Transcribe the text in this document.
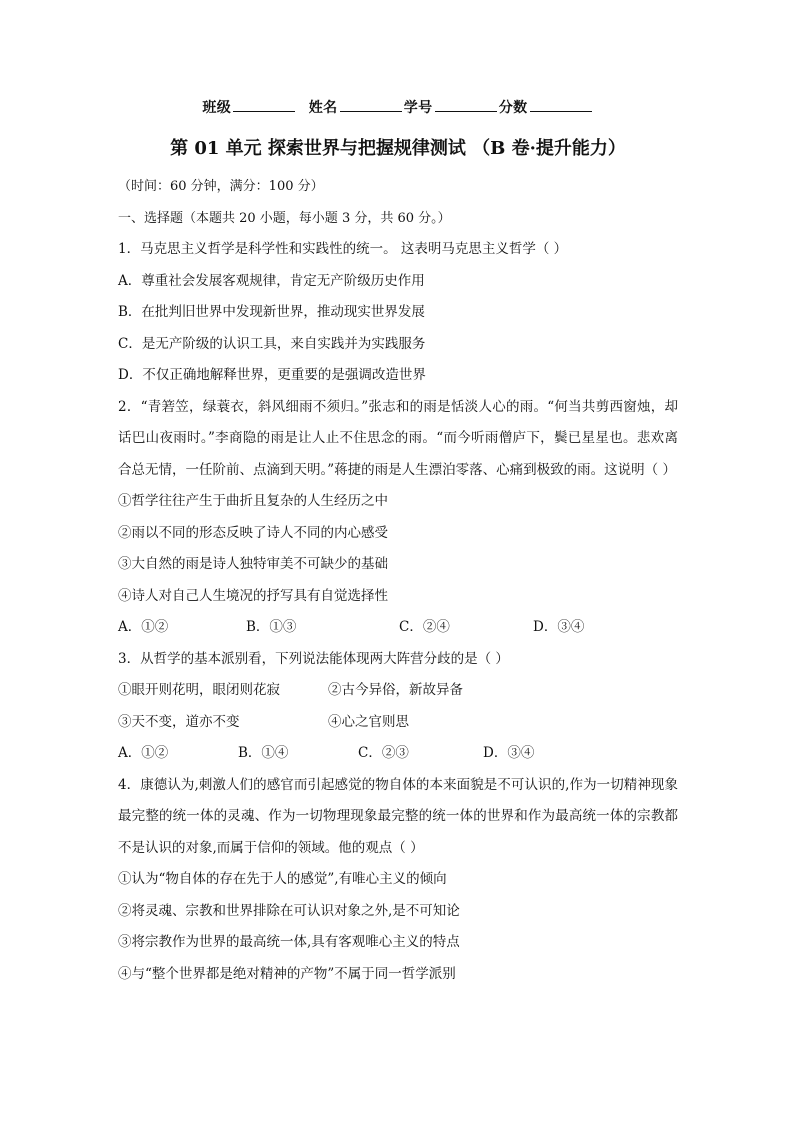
班级	姓名	学号	分数
第 01 单元 探索世界与把握规律测试 （B 卷·提升能力）
（时间：60 分钟，满分：100 分）
一、选择题（本题共 20 小题，每小题 3 分，共 60 分。）
1．马克思主义哲学是科学性和实践性的统一。 这表明马克思主义哲学（ ）
A．尊重社会发展客观规律，肯定无产阶级历史作用
B．在批判旧世界中发现新世界，推动现实世界发展
C．是无产阶级的认识工具，来自实践并为实践服务
D．不仅正确地解释世界，更重要的是强调改造世界
2．“青箬笠，绿蓑衣，斜风细雨不须归。”张志和的雨是恬淡人心的雨。“何当共剪西窗烛，却话巴山夜雨时。”李商隐的雨是让人止不住思念的雨。“而今听雨僧庐下，鬓已星星也。悲欢离合总无情，一任阶前、点滴到天明。”蒋捷的雨是人生漂泊零落、心痛到极致的雨。这说明（ ）
①哲学往往产生于曲折且复杂的人生经历之中
②雨以不同的形态反映了诗人不同的内心感受
③大自然的雨是诗人独特审美不可缺少的基础
④诗人对自己人生境况的抒写具有自觉选择性
A．①②	B．①③	C．②④	D．③④
3．从哲学的基本派别看，下列说法能体现两大阵营分歧的是（ ）
①眼开则花明，眼闭则花寂	②古今异俗，新故异备
③天不变，道亦不变	④心之官则思
A．①②	B．①④	C．②③	D．③④
4．康德认为,刺激人们的感官而引起感觉的物自体的本来面貌是不可认识的,作为一切精神现象最完整的统一体的灵魂、作为一切物理现象最完整的统一体的世界和作为最高统一体的宗教都不是认识的对象,而属于信仰的领域。他的观点（ ）
①认为“物自体的存在先于人的感觉”,有唯心主义的倾向
②将灵魂、宗教和世界排除在可认识对象之外,是不可知论
③将宗教作为世界的最高统一体,具有客观唯心主义的特点
④与“整个世界都是绝对精神的产物”不属于同一哲学派别
